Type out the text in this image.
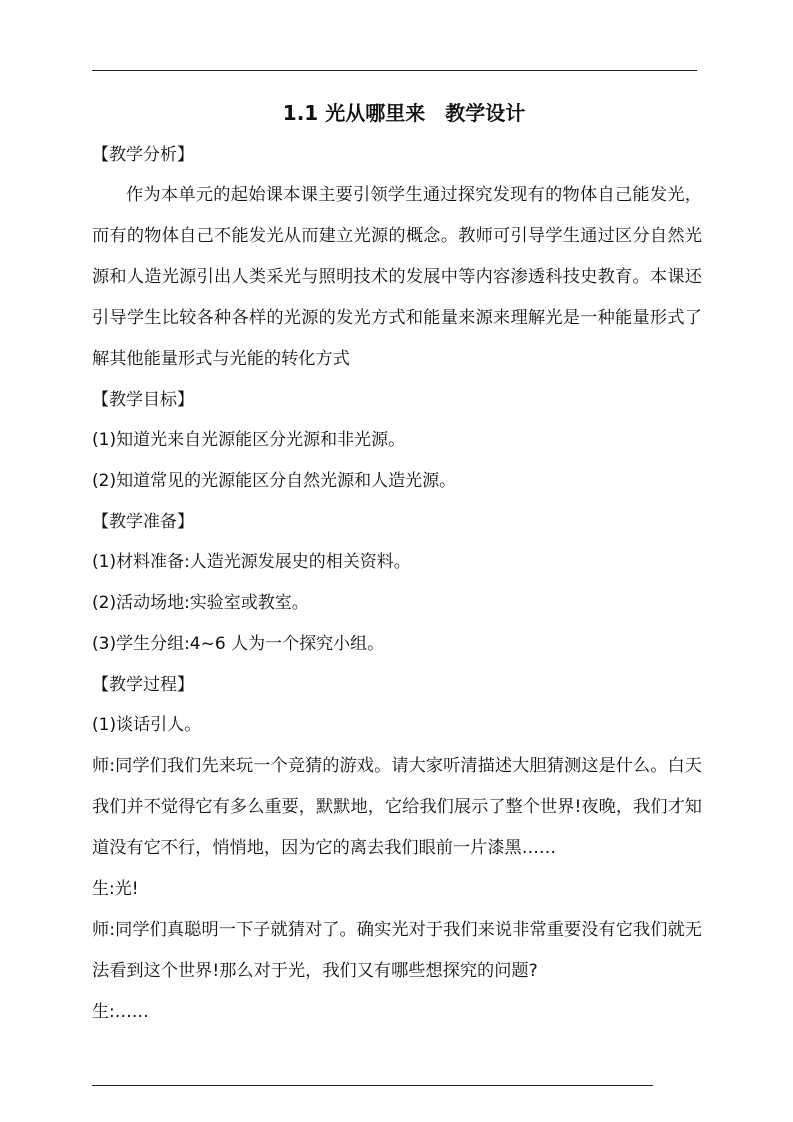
1.1 光从哪里来　教学设计

【教学分析】

作为本单元的起始课本课主要引领学生通过探究发现有的物体自己能发光，而有的物体自己不能发光从而建立光源的概念。教师可引导学生通过区分自然光源和人造光源引出人类采光与照明技术的发展中等内容渗透科技史教育。本课还引导学生比较各种各样的光源的发光方式和能量来源来理解光是一种能量形式了解其他能量形式与光能的转化方式

【教学目标】

(1)知道光来自光源能区分光源和非光源。

(2)知道常见的光源能区分自然光源和人造光源。

【教学准备】

(1)材料准备:人造光源发展史的相关资料。

(2)活动场地:实验室或教室。

(3)学生分组:4~6 人为一个探究小组。

【教学过程】

(1)谈话引人。

师:同学们我们先来玩一个竞猜的游戏。请大家听清描述大胆猜测这是什么。白天我们并不觉得它有多么重要，默默地，它给我们展示了整个世界!夜晚，我们才知道没有它不行，悄悄地，因为它的离去我们眼前一片漆黑……

生:光!

师:同学们真聪明一下子就猜对了。确实光对于我们来说非常重要没有它我们就无法看到这个世界!那么对于光，我们又有哪些想探究的问题?

生:……
